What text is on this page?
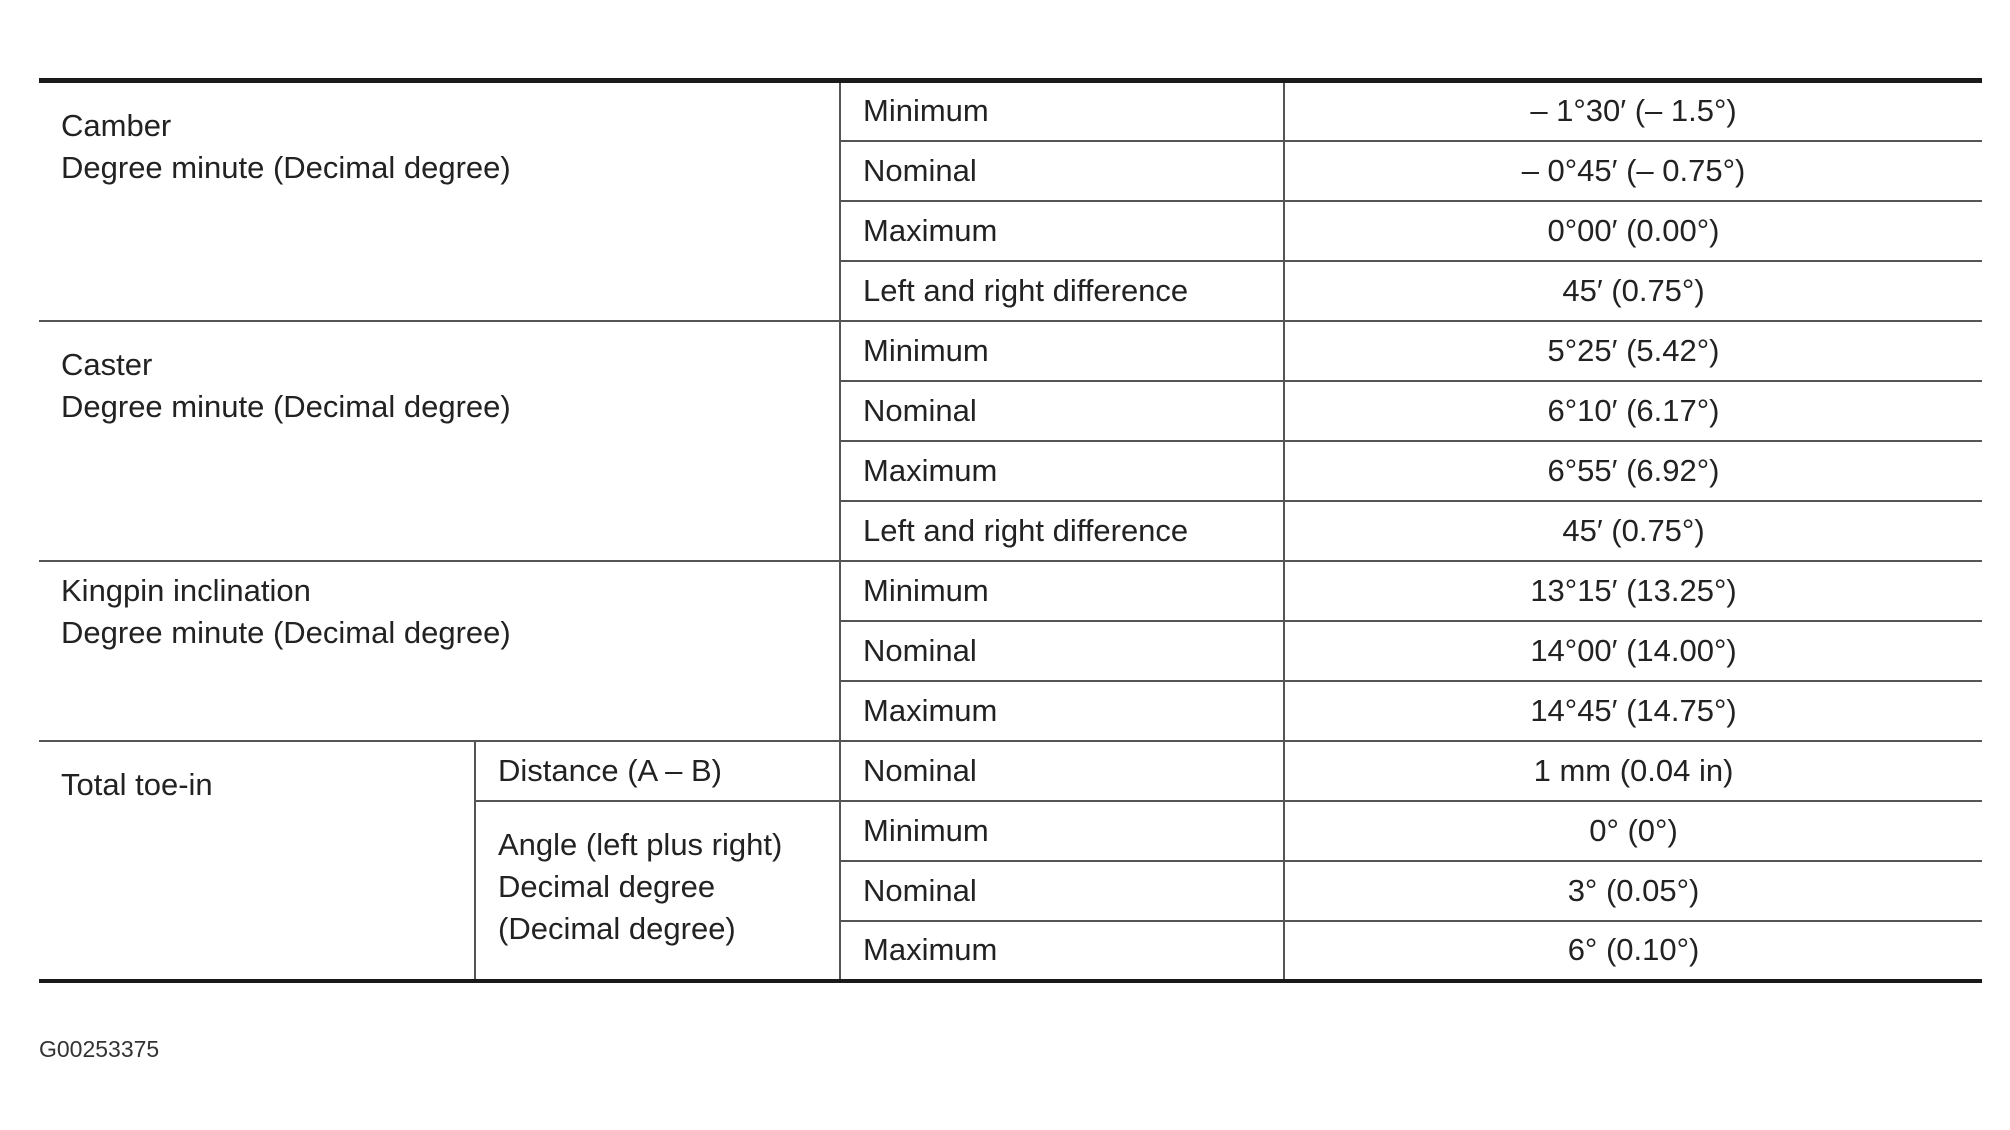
Camber
Degree minute (Decimal degree)		Minimum	– 1°30′ (– 1.5°)
		Nominal	– 0°45′ (– 0.75°)
		Maximum	0°00′ (0.00°)
		Left and right difference	45′ (0.75°)

Caster
Degree minute (Decimal degree)		Minimum	5°25′ (5.42°)
		Nominal	6°10′ (6.17°)
		Maximum	6°55′ (6.92°)
		Left and right difference	45′ (0.75°)

Kingpin inclination
Degree minute (Decimal degree)		Minimum	13°15′ (13.25°)
		Nominal	14°00′ (14.00°)
		Maximum	14°45′ (14.75°)

Total toe-in	Distance (A – B)	Nominal	1 mm (0.04 in)

	Angle (left plus right)
Decimal degree
(Decimal degree)	Minimum	0° (0°)
		Nominal	3° (0.05°)
		Maximum	6° (0.10°)
G00253375
